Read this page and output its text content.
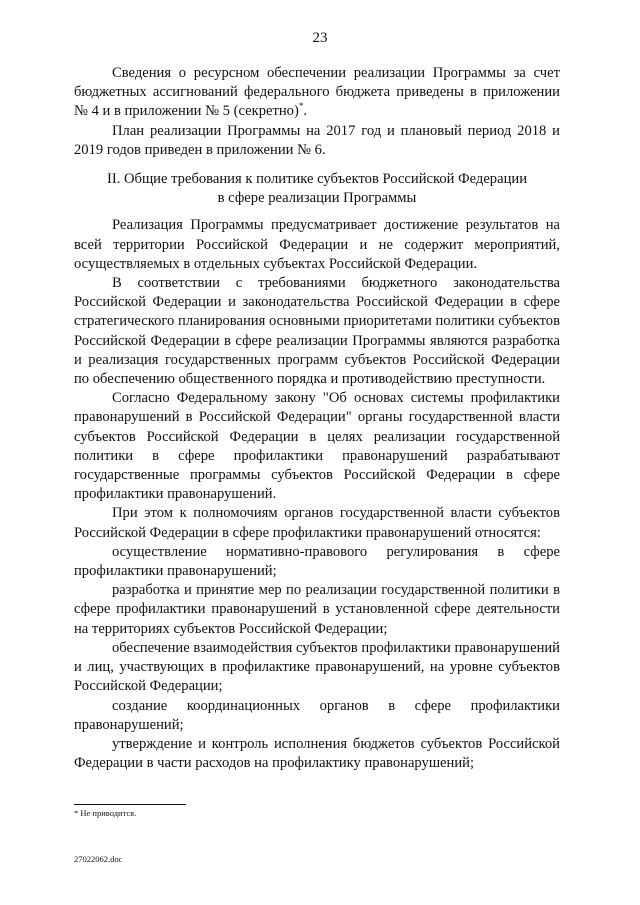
23

Сведения о ресурсном обеспечении реализации Программы за счет бюджетных ассигнований федерального бюджета приведены в приложении № 4 и в приложении № 5 (секретно)*.

План реализации Программы на 2017 год и плановый период 2018 и 2019 годов приведен в приложении № 6.

II. Общие требования к политике субъектов Российской Федерации
в сфере реализации Программы

Реализация Программы предусматривает достижение результатов на всей территории Российской Федерации и не содержит мероприятий, осуществляемых в отдельных субъектах Российской Федерации.

В соответствии с требованиями бюджетного законодательства Российской Федерации и законодательства Российской Федерации в сфере стратегического планирования основными приоритетами политики субъектов Российской Федерации в сфере реализации Программы являются разработка и реализация государственных программ субъектов Российской Федерации по обеспечению общественного порядка и противодействию преступности.

Согласно Федеральному закону "Об основах системы профилактики правонарушений в Российской Федерации" органы государственной власти субъектов Российской Федерации в целях реализации государственной политики в сфере профилактики правонарушений разрабатывают государственные программы субъектов Российской Федерации в сфере профилактики правонарушений.

При этом к полномочиям органов государственной власти субъектов Российской Федерации в сфере профилактики правонарушений относятся:

осуществление нормативно-правового регулирования в сфере профилактики правонарушений;

разработка и принятие мер по реализации государственной политики в сфере профилактики правонарушений в установленной сфере деятельности на территориях субъектов Российской Федерации;

обеспечение взаимодействия субъектов профилактики правонарушений и лиц, участвующих в профилактике правонарушений, на уровне субъектов Российской Федерации;

создание координационных органов в сфере профилактики правонарушений;

утверждение и контроль исполнения бюджетов субъектов Российской Федерации в части расходов на профилактику правонарушений;

* Не приводится.
27022062.doc
